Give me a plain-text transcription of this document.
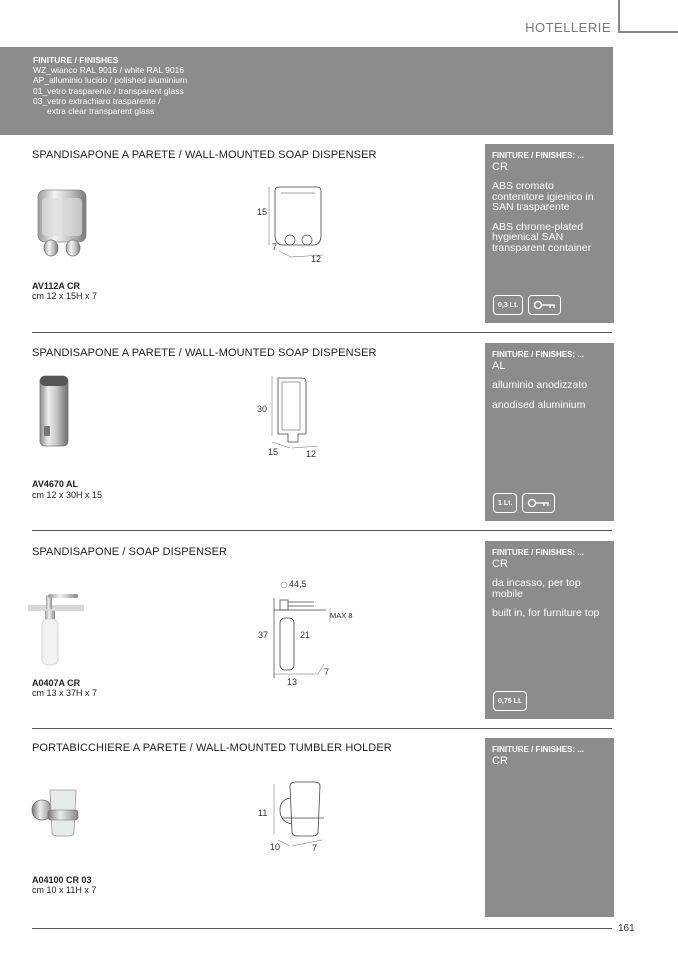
HOTELLERIE
FINITURE / FINISHES
WZ_wianco RAL 9016 / white RAL 9016
AP_alluminio lucido / polished aluminium
01_vetro trasparente / transparent glass
03_vetro extrachiaro trasparente /
extra clear transparent glass
SPANDISAPONE A PARETE / WALL-MOUNTED SOAP DISPENSER
15
7
12
AV112A CR
cm 12 x 15H x 7
FINITURE / FINISHES: ...
CR
ABS cromato contenitore igienico in SAN trasparente
ABS chrome-plated hygienical SAN transparent container
0,3 Lt.
SPANDISAPONE A PARETE / WALL-MOUNTED SOAP DISPENSER
30
15	12
AV4670 AL
cm 12 x 30H x 15
FINITURE / FINISHES: ...
AL
alluminio anodizzato
anodised aluminium
1 Lt.
SPANDISAPONE / SOAP DISPENSER
44,5
MAX 8
37	21
7
13
A0407A CR
cm 13 x 37H x 7
FINITURE / FINISHES: ...
CR
da incasso, per top mobile
built in, for furniture top
0,75 Lt.
PORTABICCHIERE A PARETE / WALL-MOUNTED TUMBLER HOLDER
11
10	7
A04100 CR 03
cm 10 x 11H x 7
FINITURE / FINISHES: ...
CR
161
